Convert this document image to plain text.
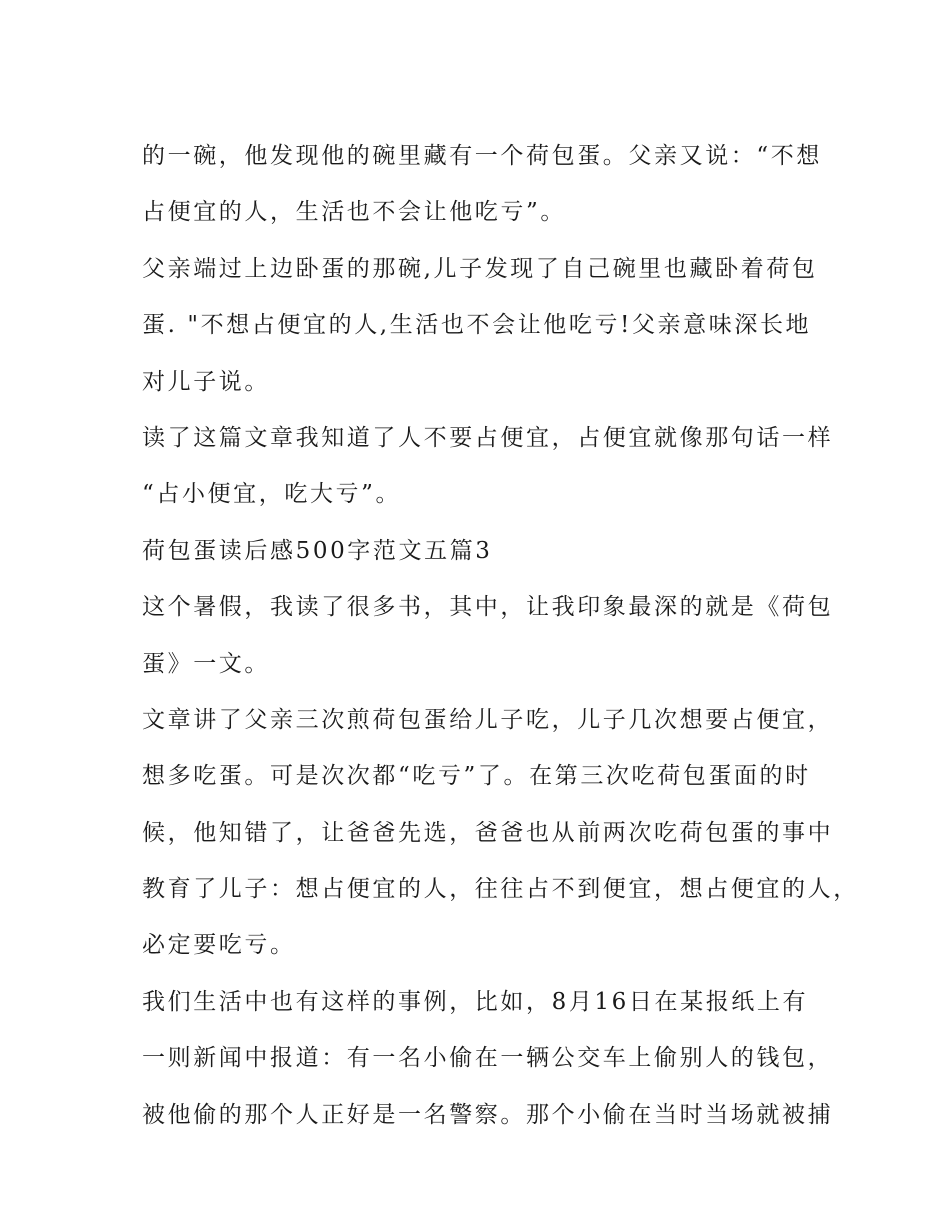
的一碗，他发现他的碗里藏有一个荷包蛋。父亲又说：“不想
占便宜的人，生活也不会让他吃亏”。
父亲端过上边卧蛋的那碗,儿子发现了自己碗里也藏卧着荷包
蛋. "不想占便宜的人,生活也不会让他吃亏!父亲意味深长地
对儿子说。
读了这篇文章我知道了人不要占便宜，占便宜就像那句话一样
“占小便宜，吃大亏”。
荷包蛋读后感500字范文五篇3
这个暑假，我读了很多书，其中，让我印象最深的就是《荷包
蛋》一文。
文章讲了父亲三次煎荷包蛋给儿子吃，儿子几次想要占便宜，
想多吃蛋。可是次次都“吃亏”了。在第三次吃荷包蛋面的时
候，他知错了，让爸爸先选，爸爸也从前两次吃荷包蛋的事中
教育了儿子：想占便宜的人，往往占不到便宜，想占便宜的人，
必定要吃亏。
我们生活中也有这样的事例，比如，8月16日在某报纸上有
一则新闻中报道：有一名小偷在一辆公交车上偷别人的钱包，
被他偷的那个人正好是一名警察。那个小偷在当时当场就被捕
